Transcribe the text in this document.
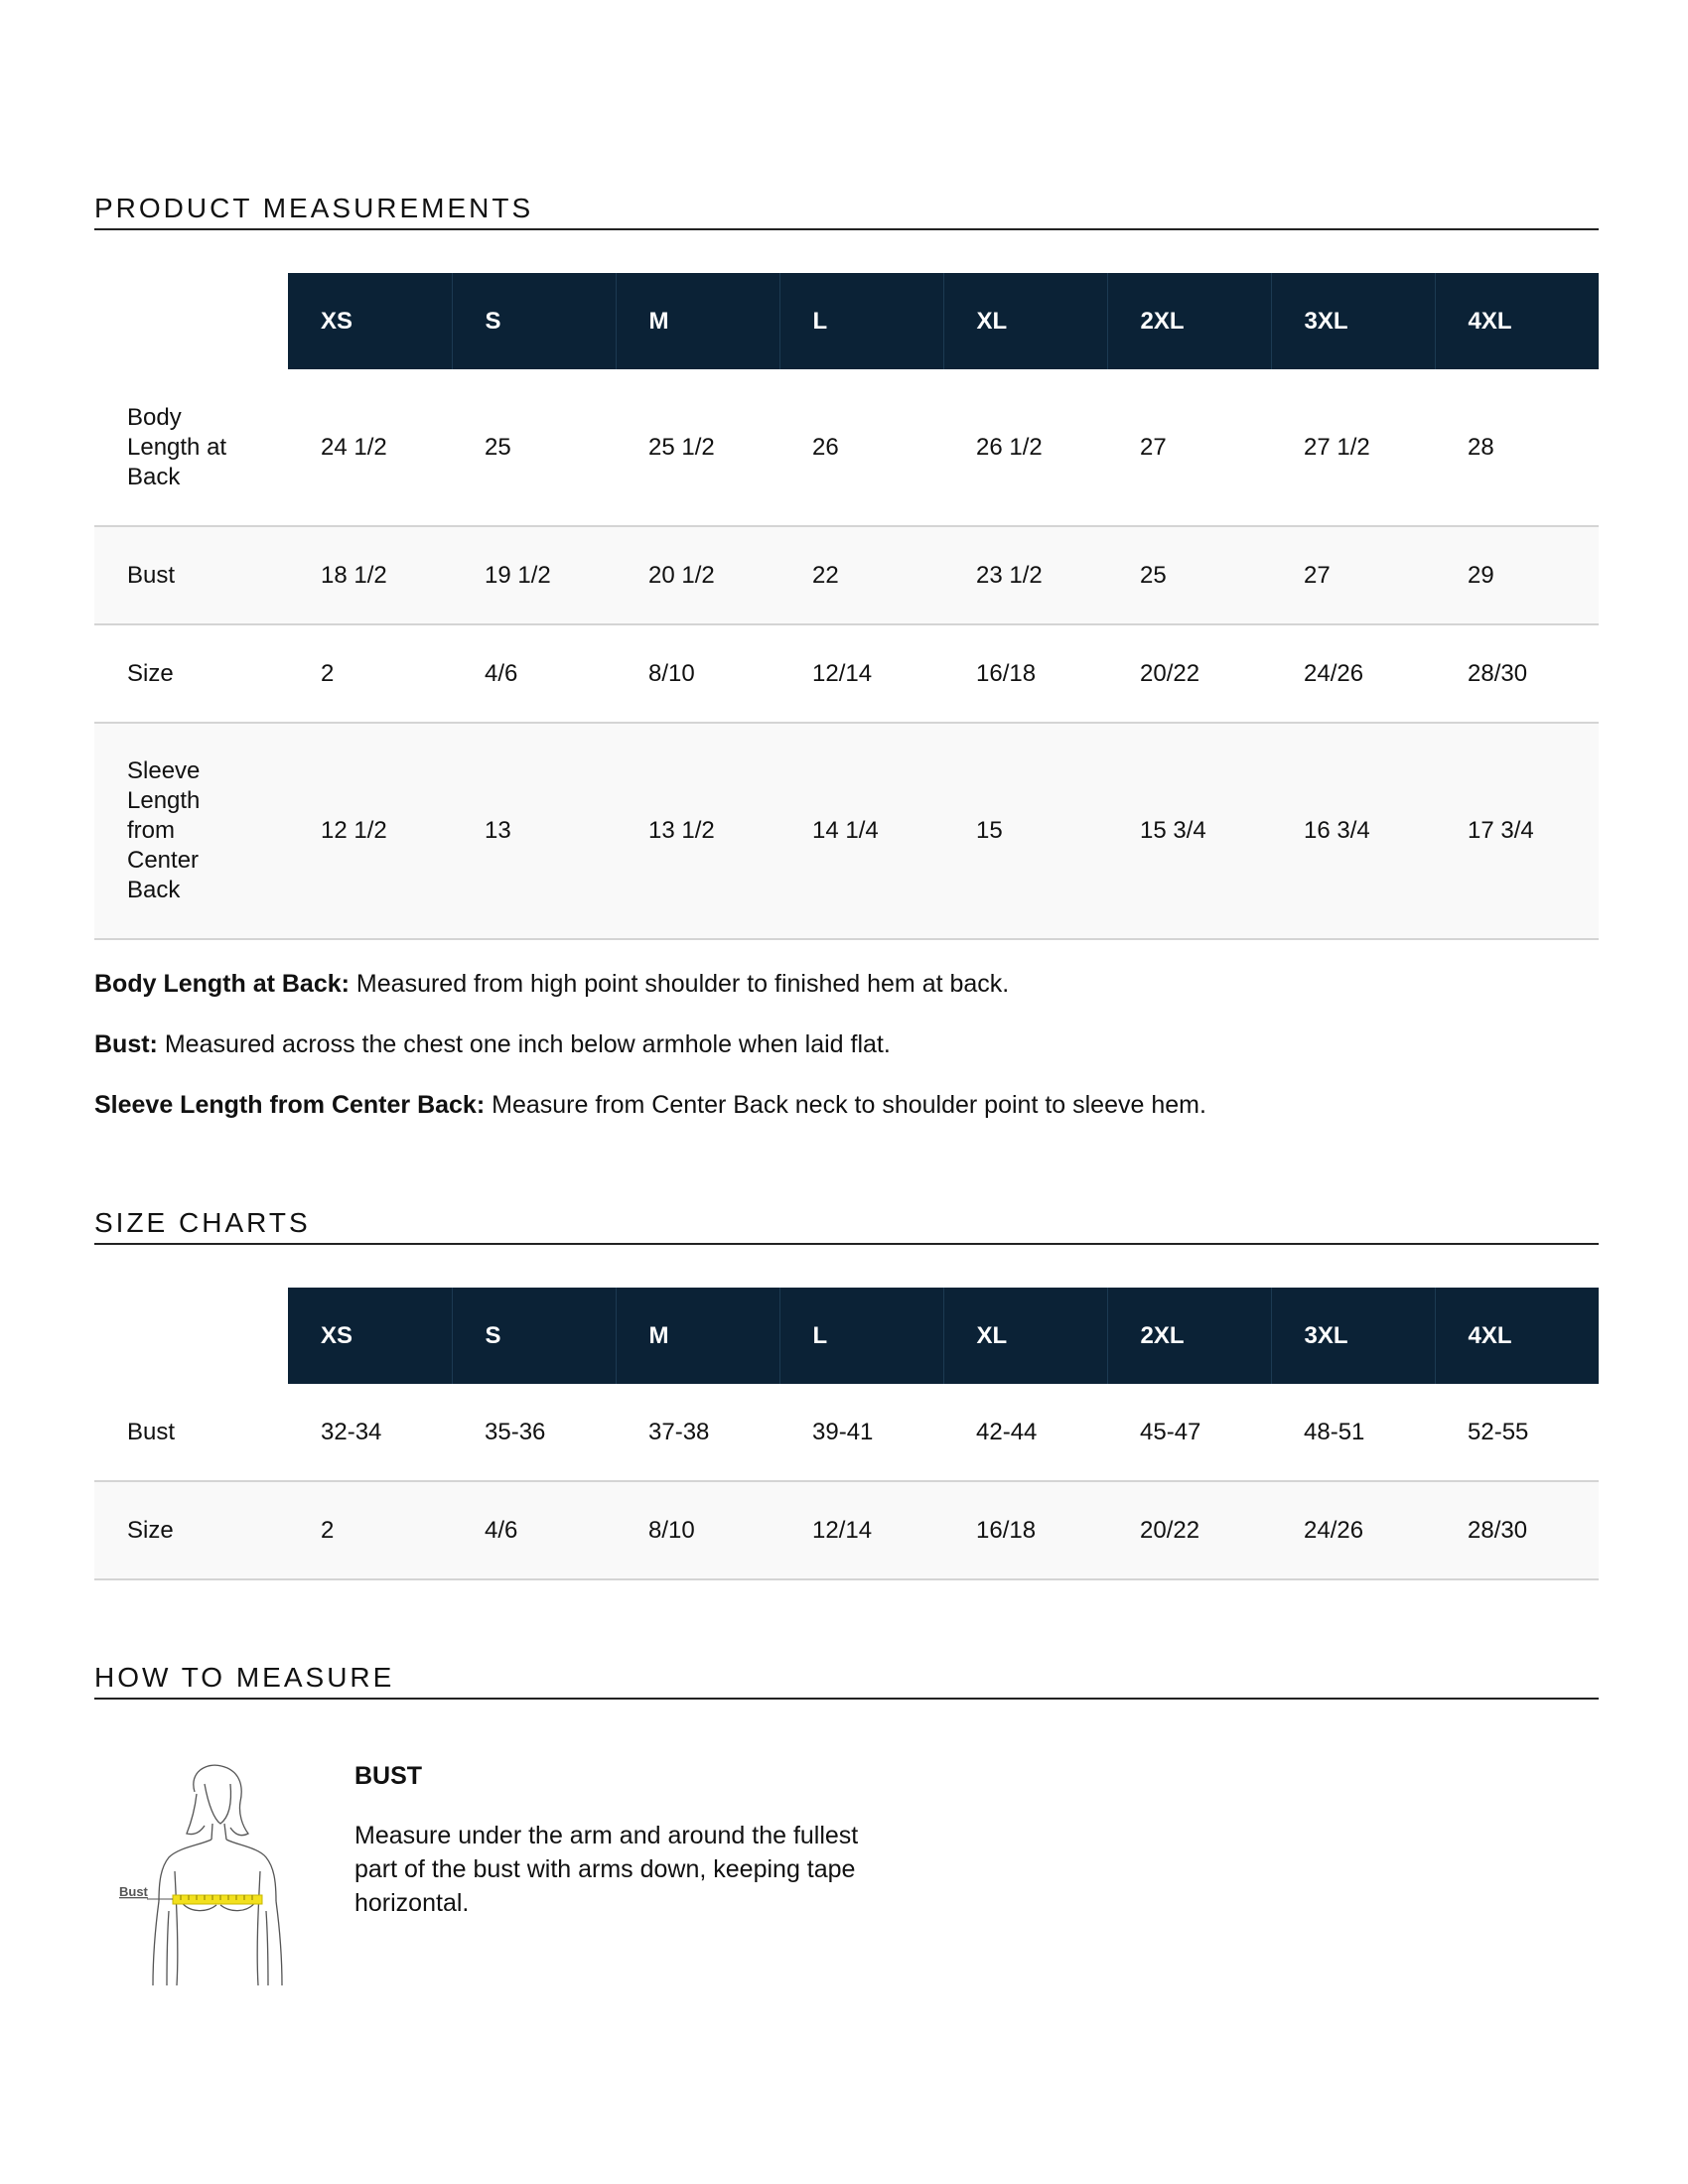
PRODUCT MEASUREMENTS
	XS	S	M	L	XL	2XL	3XL	4XL
Body Length at Back	24 1/2	25	25 1/2	26	26 1/2	27	27 1/2	28
Bust	18 1/2	19 1/2	20 1/2	22	23 1/2	25	27	29
Size	2	4/6	8/10	12/14	16/18	20/22	24/26	28/30
Sleeve Length from Center Back	12 1/2	13	13 1/2	14 1/4	15	15 3/4	16 3/4	17 3/4

Body Length at Back: Measured from high point shoulder to finished hem at back.

Bust: Measured across the chest one inch below armhole when laid flat.

Sleeve Length from Center Back: Measure from Center Back neck to shoulder point to sleeve hem.

SIZE CHARTS
	XS	S	M	L	XL	2XL	3XL	4XL
Bust	32-34	35-36	37-38	39-41	42-44	45-47	48-51	52-55
Size	2	4/6	8/10	12/14	16/18	20/22	24/26	28/30
HOW TO MEASURE
Bust
BUST
Measure under the arm and around the fullest part of the bust with arms down, keeping tape horizontal.
